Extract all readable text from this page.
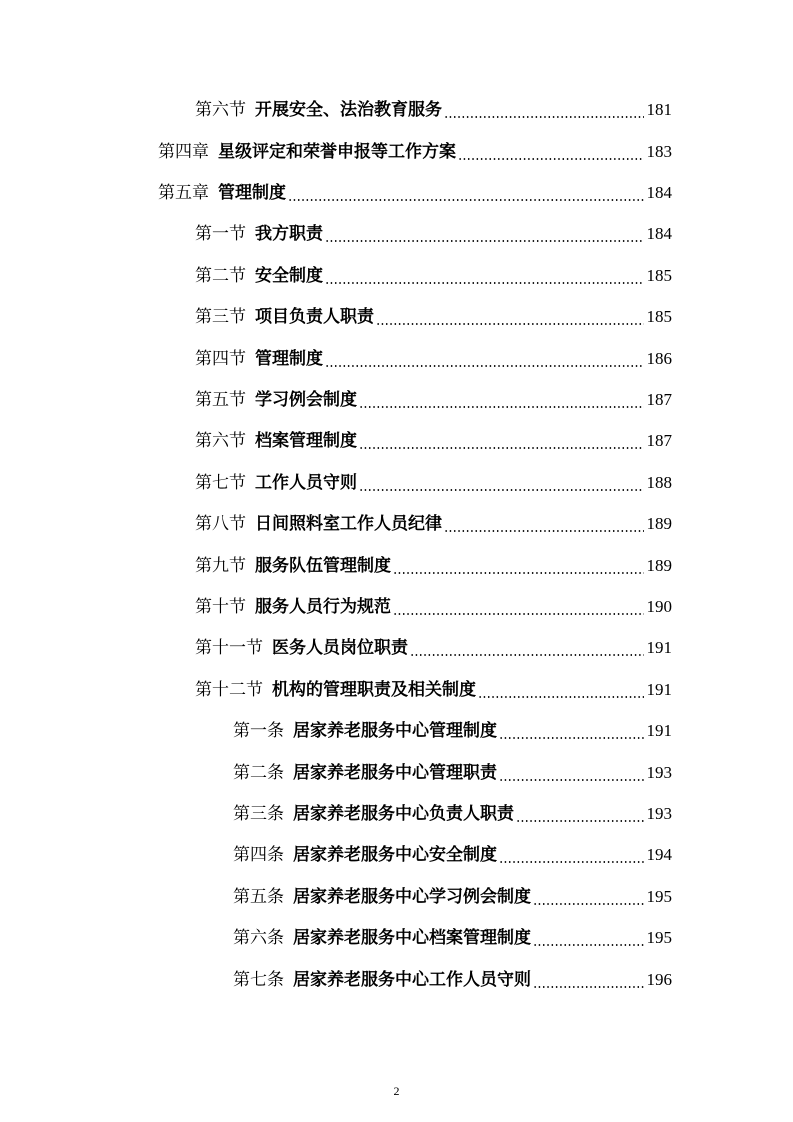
第六节 开展安全、法治教育服务	181
第四章 星级评定和荣誉申报等工作方案	183
第五章 管理制度	184
第一节 我方职责	184
第二节 安全制度	185
第三节 项目负责人职责	185
第四节 管理制度	186
第五节 学习例会制度	187
第六节 档案管理制度	187
第七节 工作人员守则	188
第八节 日间照料室工作人员纪律	189
第九节 服务队伍管理制度	189
第十节 服务人员行为规范	190
第十一节 医务人员岗位职责	191
第十二节 机构的管理职责及相关制度	191
第一条 居家养老服务中心管理制度	191
第二条 居家养老服务中心管理职责	193
第三条 居家养老服务中心负责人职责	193
第四条 居家养老服务中心安全制度	194
第五条 居家养老服务中心学习例会制度	195
第六条 居家养老服务中心档案管理制度	195
第七条 居家养老服务中心工作人员守则	196
2
